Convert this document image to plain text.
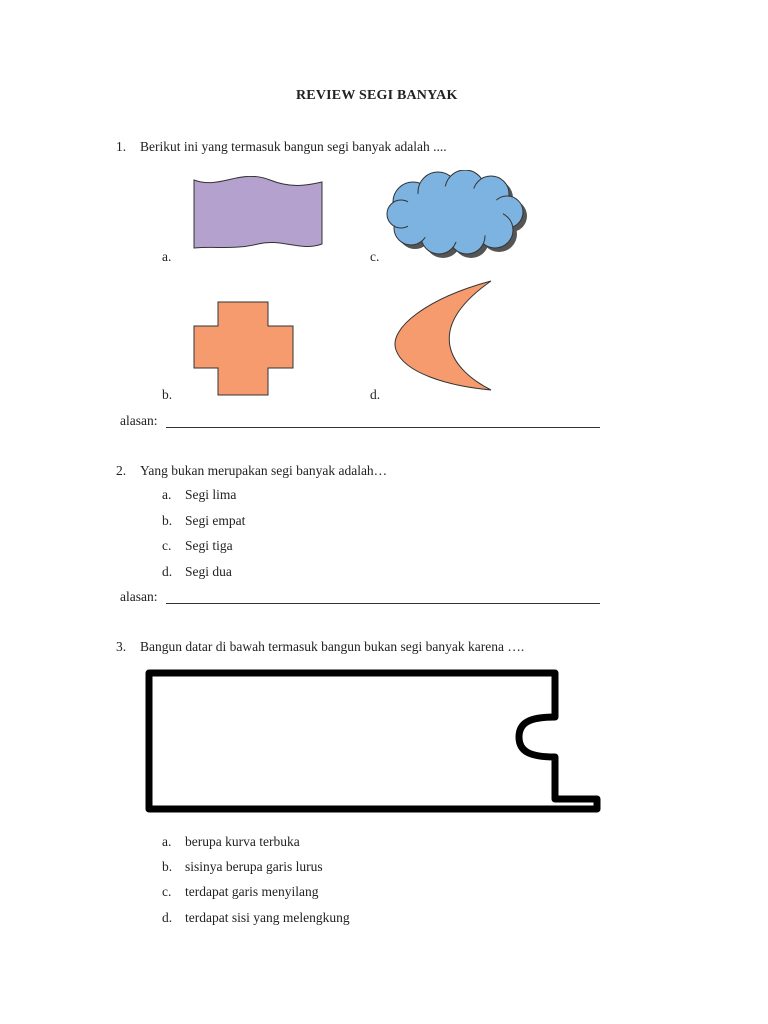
REVIEW SEGI BANYAK
1. Berikut ini yang termasuk bangun segi banyak adalah ....
a.	c.
b.	d.
alasan:
2. Yang bukan merupakan segi banyak adalah…
a. Segi lima
b. Segi empat
c. Segi tiga
d. Segi dua
alasan:
3. Bangun datar di bawah termasuk bangun bukan segi banyak karena ….
a. berupa kurva terbuka
b. sisinya berupa garis lurus
c. terdapat garis menyilang
d. terdapat sisi yang melengkung
